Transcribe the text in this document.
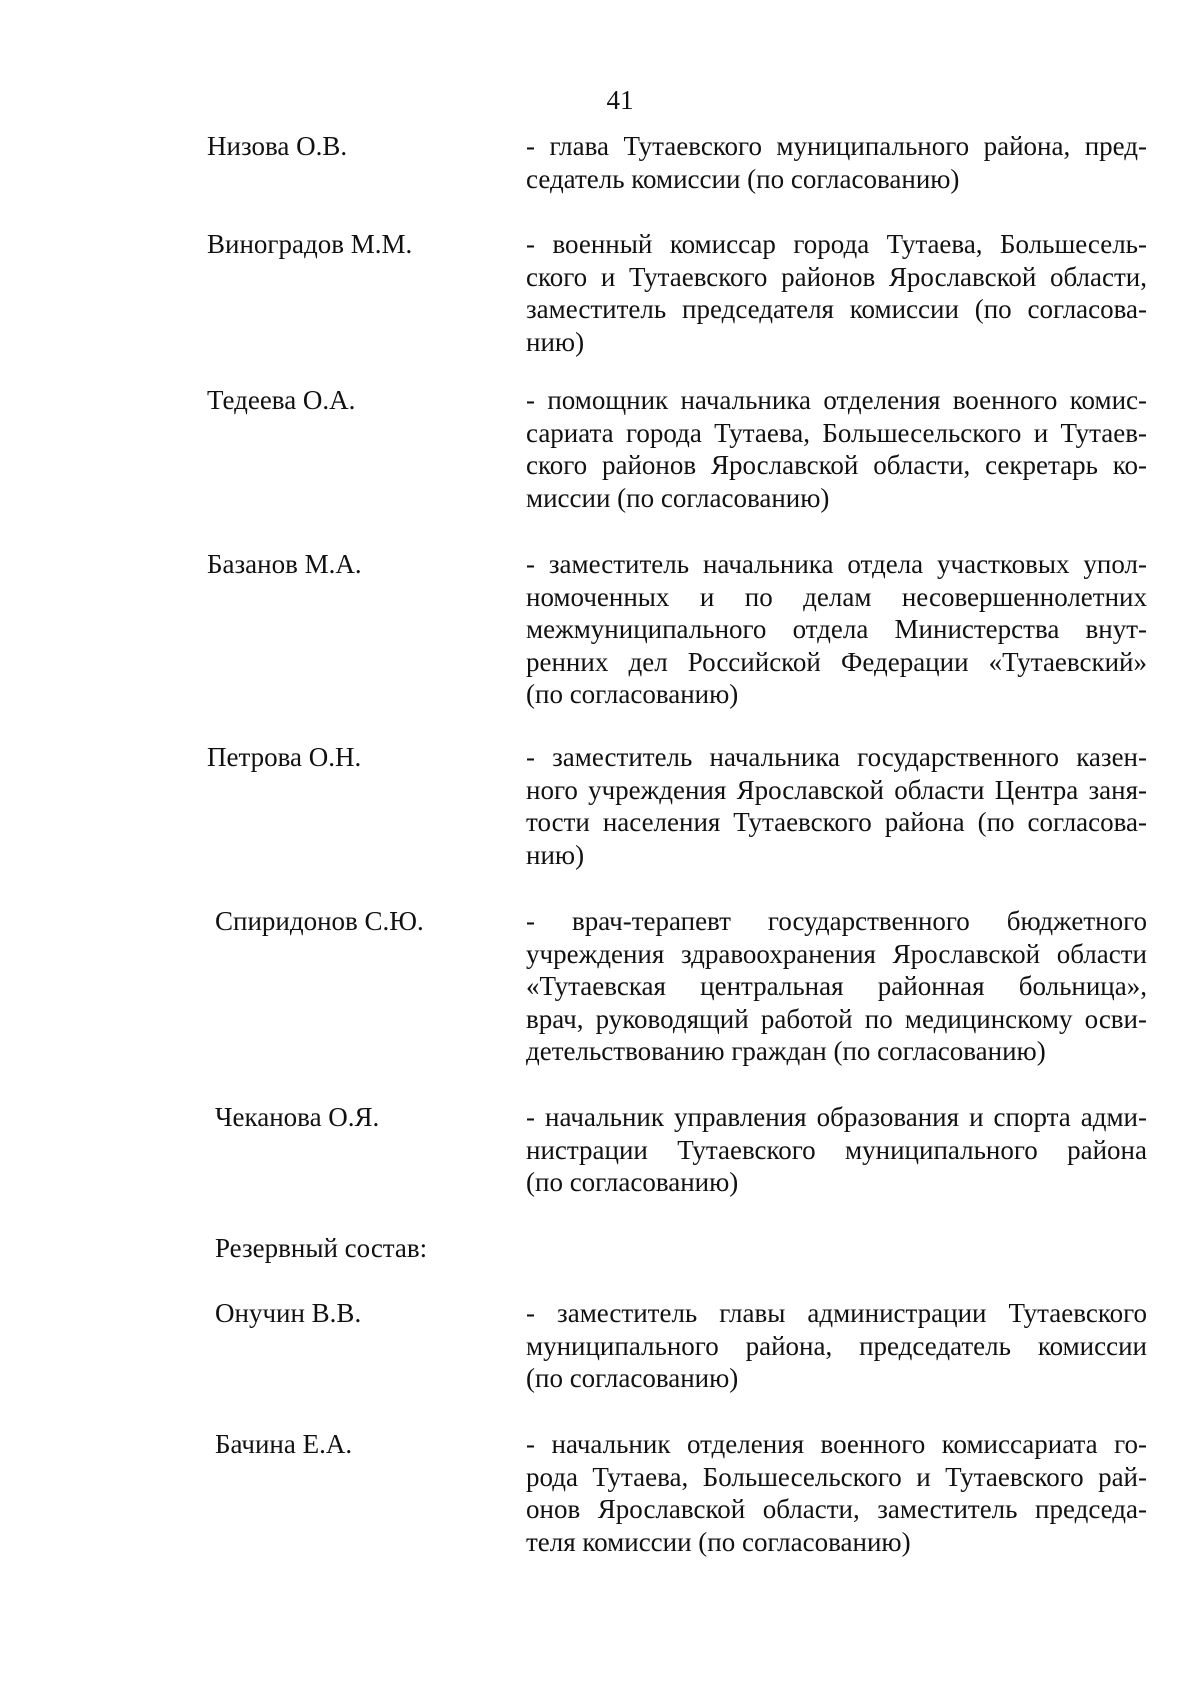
41
Низова О.В.	- глава Тутаевского муниципального района, пред-
седатель комиссии (по согласованию)
Виноградов М.М.	- военный комиссар города Тутаева, Большесель-
ского и Тутаевского районов Ярославской области,
заместитель председателя комиссии (по согласова-
нию)
Тедеева О.А.	- помощник начальника отделения военного комис-
сариата города Тутаева, Большесельского и Тутаев-
ского районов Ярославской области, секретарь ко-
миссии (по согласованию)
Базанов М.А.	- заместитель начальника отдела участковых упол-
номоченных и по делам несовершеннолетних
межмуниципального отдела Министерства внут-
ренних дел Российской Федерации «Тутаевский»
(по согласованию)
Петрова О.Н.	- заместитель начальника государственного казен-
ного учреждения Ярославской области Центра заня-
тости населения Тутаевского района (по согласова-
нию)
Спиридонов С.Ю.	- врач-терапевт государственного бюджетного
учреждения здравоохранения Ярославской области
«Тутаевская центральная районная больница»,
врач, руководящий работой по медицинскому осви-
детельствованию граждан (по согласованию)
Чеканова О.Я.	- начальник управления образования и спорта адми-
нистрации Тутаевского муниципального района
(по согласованию)
Резервный состав:
Онучин В.В.	- заместитель главы администрации Тутаевского
муниципального района, председатель комиссии
(по согласованию)
Бачина Е.А.	- начальник отделения военного комиссариата го-
рода Тутаева, Большесельского и Тутаевского рай-
онов Ярославской области, заместитель председа-
теля комиссии (по согласованию)
